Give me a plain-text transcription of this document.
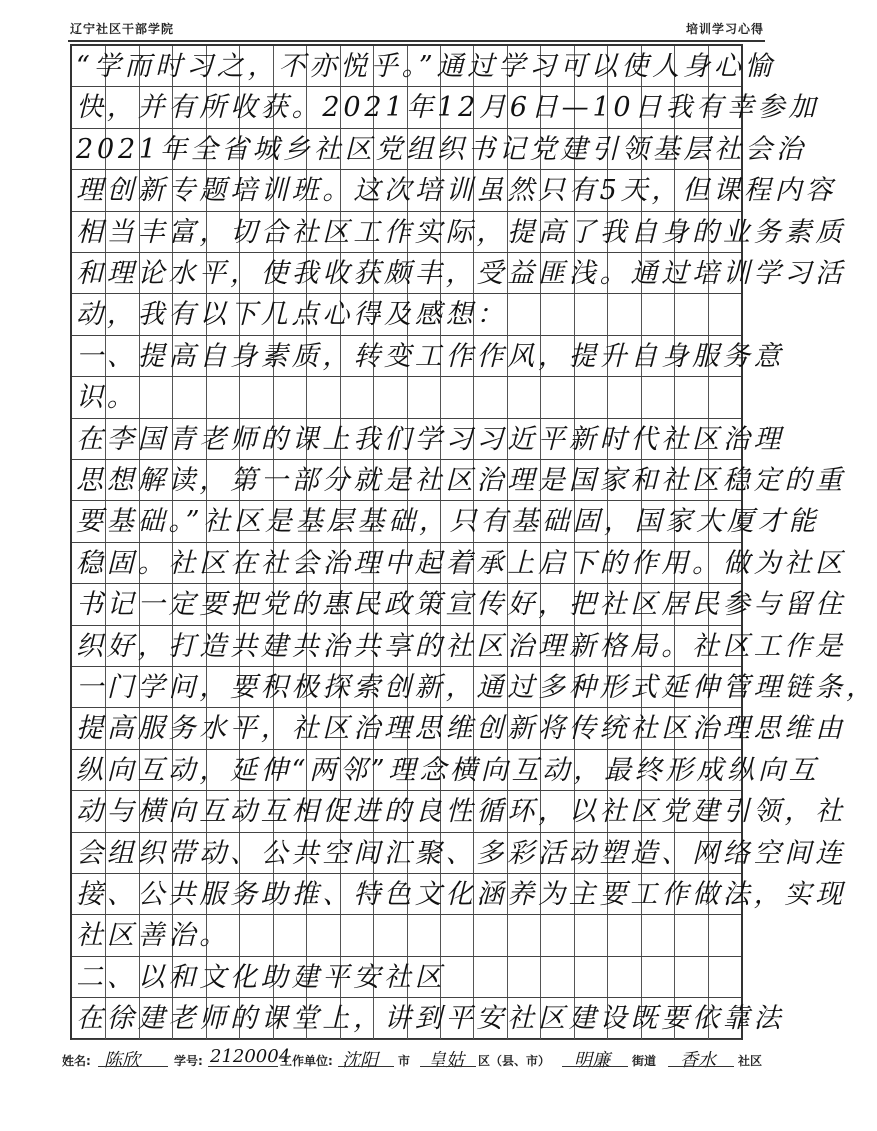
辽宁社区干部学院	培训学习心得
“学而时习之，不亦悦乎。”通过学习可以使人身心愉
快，并有所收获。2021年12月6日—10日我有幸参加
2021年全省城乡社区党组织书记党建引领基层社会治
理创新专题培训班。这次培训虽然只有5天，但课程内容
相当丰富，切合社区工作实际，提高了我自身的业务素质
和理论水平，使我收获颇丰，受益匪浅。通过培训学习活
动，我有以下几点心得及感想：
一、提高自身素质，转变工作作风，提升自身服务意
识。
在李国青老师的课上我们学习习近平新时代社区治理
思想解读，第一部分就是社区治理是国家和社区稳定的重
要基础。”社区是基层基础，只有基础固，国家大厦才能
稳固。社区在社会治理中起着承上启下的作用。做为社区
书记一定要把党的惠民政策宣传好，把社区居民参与留住
织好，打造共建共治共享的社区治理新格局。社区工作是
一门学问，要积极探索创新，通过多种形式延伸管理链条，
提高服务水平，社区治理思维创新将传统社区治理思维由
纵向互动，延伸“两邻”理念横向互动，最终形成纵向互
动与横向互动互相促进的良性循环，以社区党建引领，社
会组织带动、公共空间汇聚、多彩活动塑造、网络空间连
接、公共服务助推、特色文化涵养为主要工作做法，实现
社区善治。
二、以和文化助建平安社区
在徐建老师的课堂上，讲到平安社区建设既要依靠法
姓名: 陈欣	学号: 2120004
工作单位: 沈阳 市 皇姑 区（县、市） 明廉 街道 香水 社区
